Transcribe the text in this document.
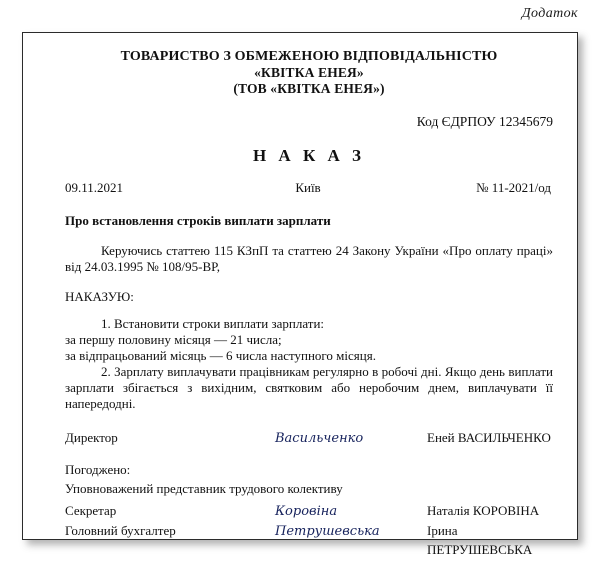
Додаток
ТОВАРИСТВО З ОБМЕЖЕНОЮ ВІДПОВІДАЛЬНІСТЮ
«КВІТКА ЕНЕЯ»
(ТОВ «КВІТКА ЕНЕЯ»)
Код ЄДРПОУ 12345679
Н А К А З
09.11.2021	Київ	№ 11-2021/од
Про встановлення строків виплати зарплати
Керуючись статтею 115 КЗпП та статтею 24 Закону України «Про оплату праці» від 24.03.1995 № 108/95-ВР,
НАКАЗУЮ:
1. Встановити строки виплати зарплати:
за першу половину місяця — 21 числа;
за відпрацьований місяць — 6 числа наступного місяця.
2. Зарплату виплачувати працівникам регулярно в робочі дні. Якщо день виплати зарплати збігається з вихідним, святковим або неробочим днем, виплачувати її напередодні.
Директор	Васильченко	Еней ВАСИЛЬЧЕНКО
Погоджено:
Уповноважений представник трудового колективу
Секретар	Коровіна	Наталія КОРОВІНА
Головний бухгалтер	Петрушевська	Ірина ПЕТРУШЕВСЬКА
